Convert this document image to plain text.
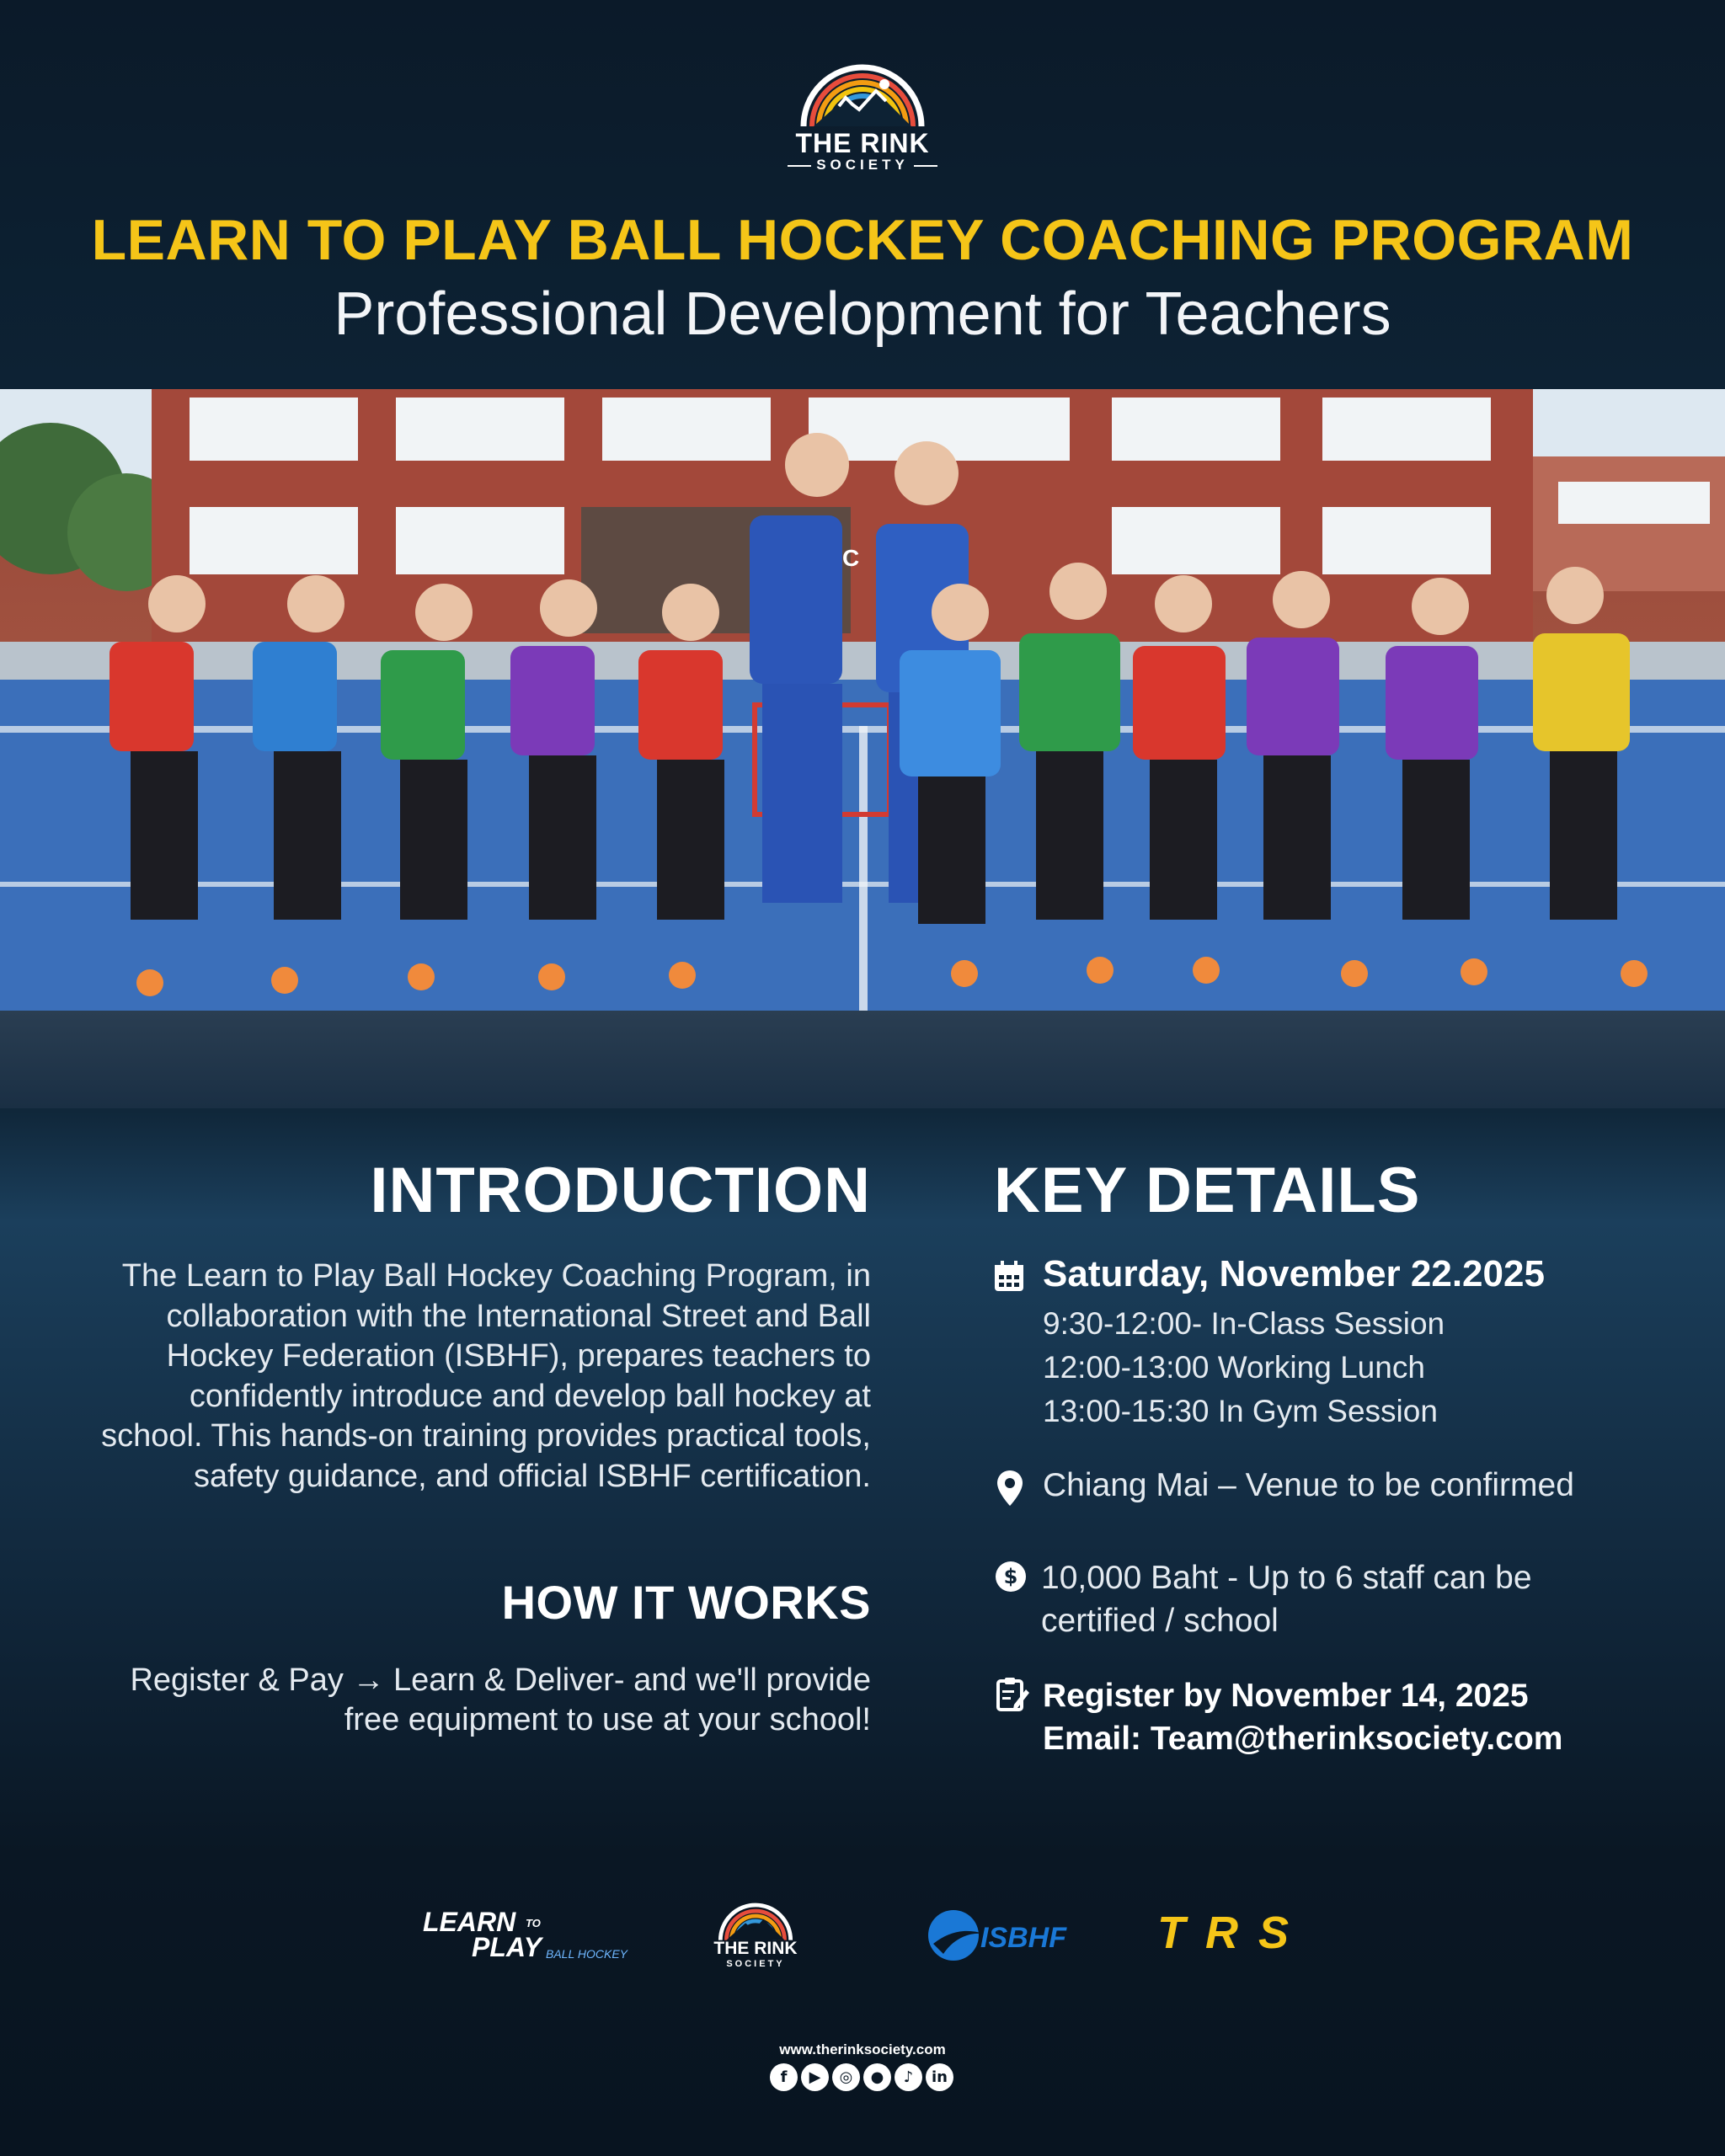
THE RINK
SOCIETY
LEARN TO PLAY BALL HOCKEY COACHING PROGRAM
Professional Development for Teachers
C
INTRODUCTION
The Learn to Play Ball Hockey Coaching Program, in collaboration with the International Street and Ball Hockey Federation (ISBHF), prepares teachers to confidently introduce and develop ball hockey at school. This hands-on training provides practical tools, safety guidance, and official ISBHF certification.
HOW IT WORKS
Register & Pay → Learn & Deliver- and we'll provide free equipment to use at your school!
KEY DETAILS
Saturday, November 22.2025
9:30-12:00- In-Class Session
12:00-13:00 Working Lunch
13:00-15:30 In Gym Session
Chiang Mai – Venue to be confirmed
$ 10,000 Baht - Up to 6 staff can be
certified / school
Register by November 14, 2025
Email: Team@therinksociety.com
LEARN TO
PLAY BALL HOCKEY	THE RINK
SOCIETY
ISBHF TRS
www.therinksociety.com
f	▶	◎	●	♪	in
